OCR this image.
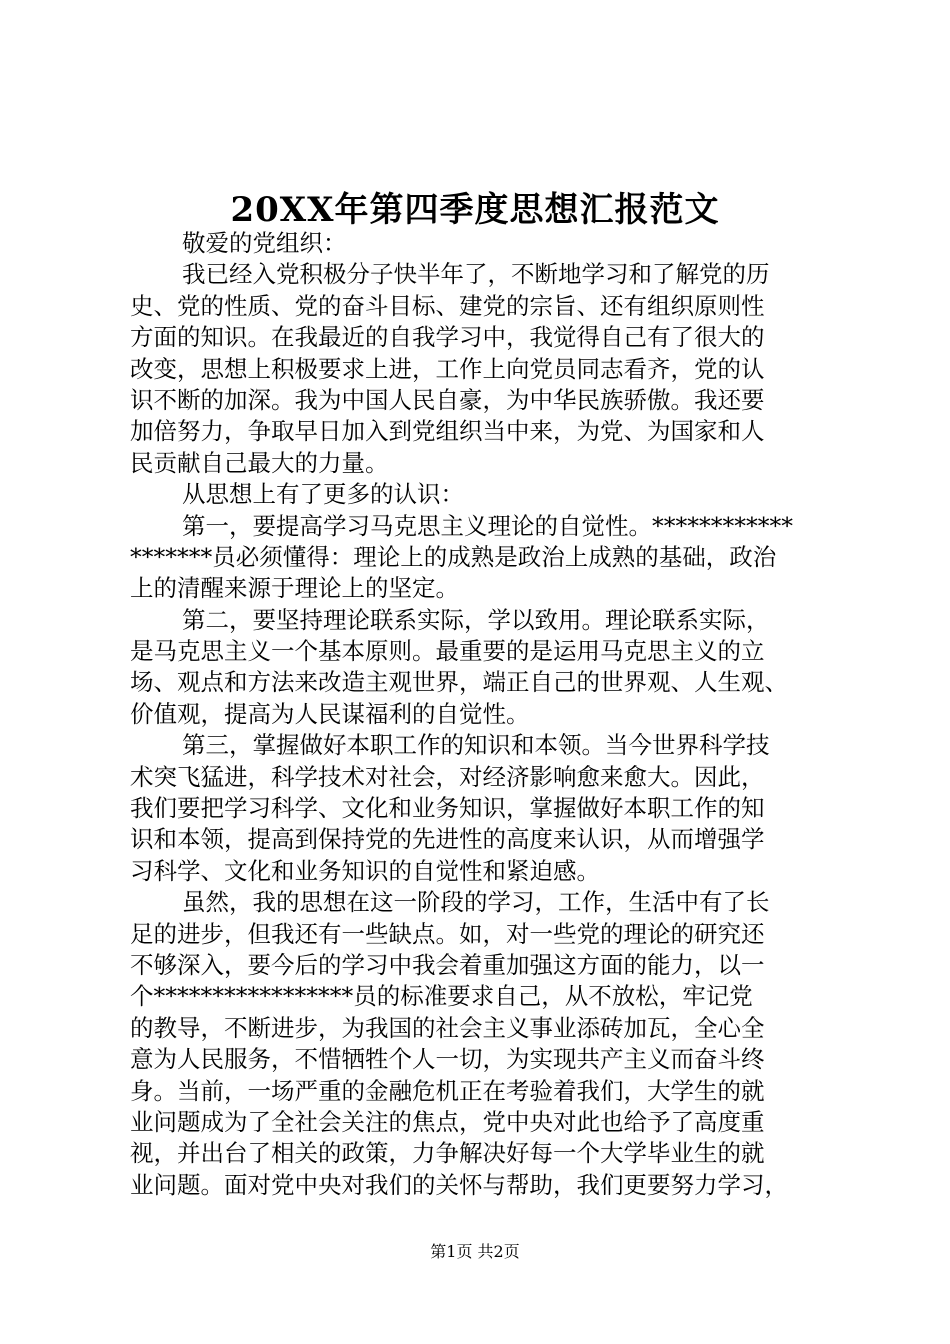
20XX年第四季度思想汇报范文
敬爱的党组织：
我已经入党积极分子快半年了，不断地学习和了解党的历
史、党的性质、党的奋斗目标、建党的宗旨、还有组织原则性
方面的知识。在我最近的自我学习中，我觉得自己有了很大的
改变，思想上积极要求上进，工作上向党员同志看齐，党的认
识不断的加深。我为中国人民自豪，为中华民族骄傲。我还要
加倍努力，争取早日加入到党组织当中来，为党、为国家和人
民贡献自己最大的力量。
从思想上有了更多的认识：
第一，要提高学习马克思主义理论的自觉性。************
*******员必须懂得：理论上的成熟是政治上成熟的基础，政治
上的清醒来源于理论上的坚定。
第二，要坚持理论联系实际，学以致用。理论联系实际，
是马克思主义一个基本原则。最重要的是运用马克思主义的立
场、观点和方法来改造主观世界，端正自己的世界观、人生观、
价值观，提高为人民谋福利的自觉性。
第三，掌握做好本职工作的知识和本领。当今世界科学技
术突飞猛进，科学技术对社会，对经济影响愈来愈大。因此，
我们要把学习科学、文化和业务知识，掌握做好本职工作的知
识和本领，提高到保持党的先进性的高度来认识，从而增强学
习科学、文化和业务知识的自觉性和紧迫感。
虽然，我的思想在这一阶段的学习，工作，生活中有了长
足的进步，但我还有一些缺点。如，对一些党的理论的研究还
不够深入，要今后的学习中我会着重加强这方面的能力，以一
个*****************员的标准要求自己，从不放松，牢记党
的教导，不断进步，为我国的社会主义事业添砖加瓦，全心全
意为人民服务，不惜牺牲个人一切，为实现共产主义而奋斗终
身。当前，一场严重的金融危机正在考验着我们，大学生的就
业问题成为了全社会关注的焦点，党中央对此也给予了高度重
视，并出台了相关的政策，力争解决好每一个大学毕业生的就
业问题。面对党中央对我们的关怀与帮助，我们更要努力学习，
第1页 共2页
